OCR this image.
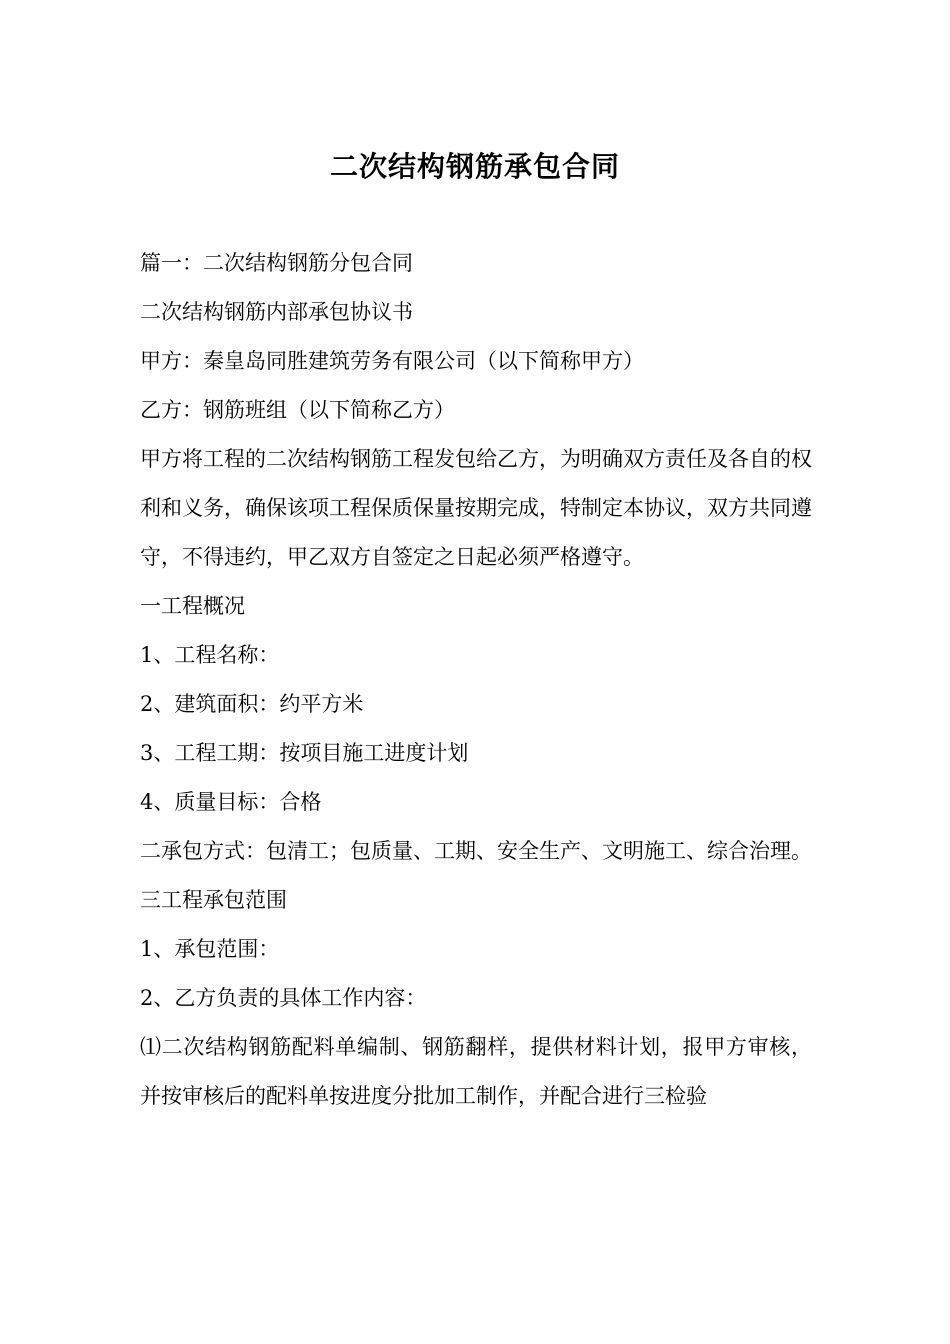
二次结构钢筋承包合同

篇一：二次结构钢筋分包合同

二次结构钢筋内部承包协议书

甲方：秦皇岛同胜建筑劳务有限公司（以下简称甲方）

乙方：钢筋班组（以下简称乙方）

甲方将工程的二次结构钢筋工程发包给乙方，为明确双方责任及各自的权利和义务，确保该项工程保质保量按期完成，特制定本协议，双方共同遵守，不得违约，甲乙双方自签定之日起必须严格遵守。

一工程概况

1、工程名称：

2、建筑面积：约平方米

3、工程工期：按项目施工进度计划

4、质量目标：合格

二承包方式：包清工；包质量、工期、安全生产、文明施工、综合治理。

三工程承包范围

1、承包范围：

2、乙方负责的具体工作内容：

⑴二次结构钢筋配料单编制、钢筋翻样，提供材料计划，报甲方审核， 并按审核后的配料单按进度分批加工制作，并配合进行三检验
